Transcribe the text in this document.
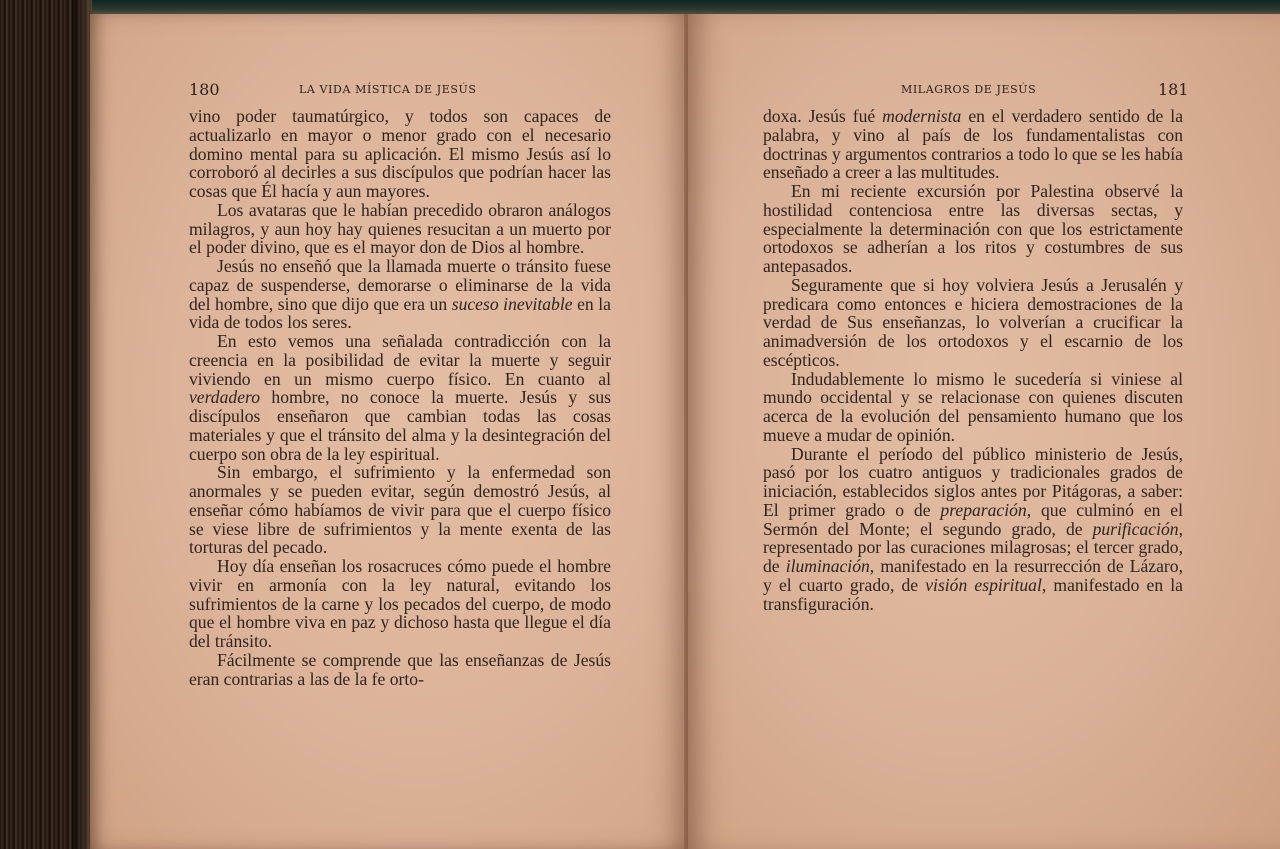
180	LA VIDA MÍSTICA DE JESÚS

vino poder taumatúrgico, y todos son capaces de actualizarlo en mayor o menor grado con el necesario domino mental para su aplicación. El mismo Jesús así lo corroboró al decirles a sus discípulos que podrían hacer las cosas que Él hacía y aun mayores.

Los avataras que le habían precedido obraron análogos milagros, y aun hoy hay quienes resucitan a un muerto por el poder divino, que es el mayor don de Dios al hombre.

Jesús no enseñó que la llamada muerte o tránsito fuese capaz de suspenderse, demorarse o eliminarse de la vida del hombre, sino que dijo que era un suceso inevitable en la vida de todos los seres.

En esto vemos una señalada contradicción con la creencia en la posibilidad de evitar la muerte y seguir viviendo en un mismo cuerpo físico. En cuanto al verdadero hombre, no conoce la muerte. Jesús y sus discípulos enseñaron que cambian todas las cosas materiales y que el tránsito del alma y la desintegración del cuerpo son obra de la ley espiritual.

Sin embargo, el sufrimiento y la enfermedad son anormales y se pueden evitar, según demostró Jesús, al enseñar cómo habíamos de vivir para que el cuerpo físico se viese libre de sufrimientos y la mente exenta de las torturas del pecado.

Hoy día enseñan los rosacruces cómo puede el hombre vivir en armonía con la ley natural, evitando los sufrimientos de la carne y los pecados del cuerpo, de modo que el hombre viva en paz y dichoso hasta que llegue el día del tránsito.

Fácilmente se comprende que las enseñanzas de Jesús eran contrarias a las de la fe orto-

MILAGROS DE JESÚS	181

doxa. Jesús fué modernista en el verdadero sentido de la palabra, y vino al país de los fundamentalistas con doctrinas y argumentos contrarios a todo lo que se les había enseñado a creer a las multitudes.

En mi reciente excursión por Palestina observé la hostilidad contenciosa entre las diversas sectas, y especialmente la determinación con que los estrictamente ortodoxos se adherían a los ritos y costumbres de sus antepasados.

Seguramente que si hoy volviera Jesús a Jerusalén y predicara como entonces e hiciera demostraciones de la verdad de Sus enseñanzas, lo volverían a crucificar la animadversión de los ortodoxos y el escarnio de los escépticos.

Indudablemente lo mismo le sucedería si viniese al mundo occidental y se relacionase con quienes discuten acerca de la evolución del pensamiento humano que los mueve a mudar de opinión.

Durante el período del público ministerio de Jesús, pasó por los cuatro antiguos y tradicionales grados de iniciación, establecidos siglos antes por Pitágoras, a saber: El primer grado o de preparación, que culminó en el Sermón del Monte; el segundo grado, de purificación, representado por las curaciones milagrosas; el tercer grado, de iluminación, manifestado en la resurrección de Lázaro, y el cuarto grado, de visión espiritual, manifestado en la transfiguración.
